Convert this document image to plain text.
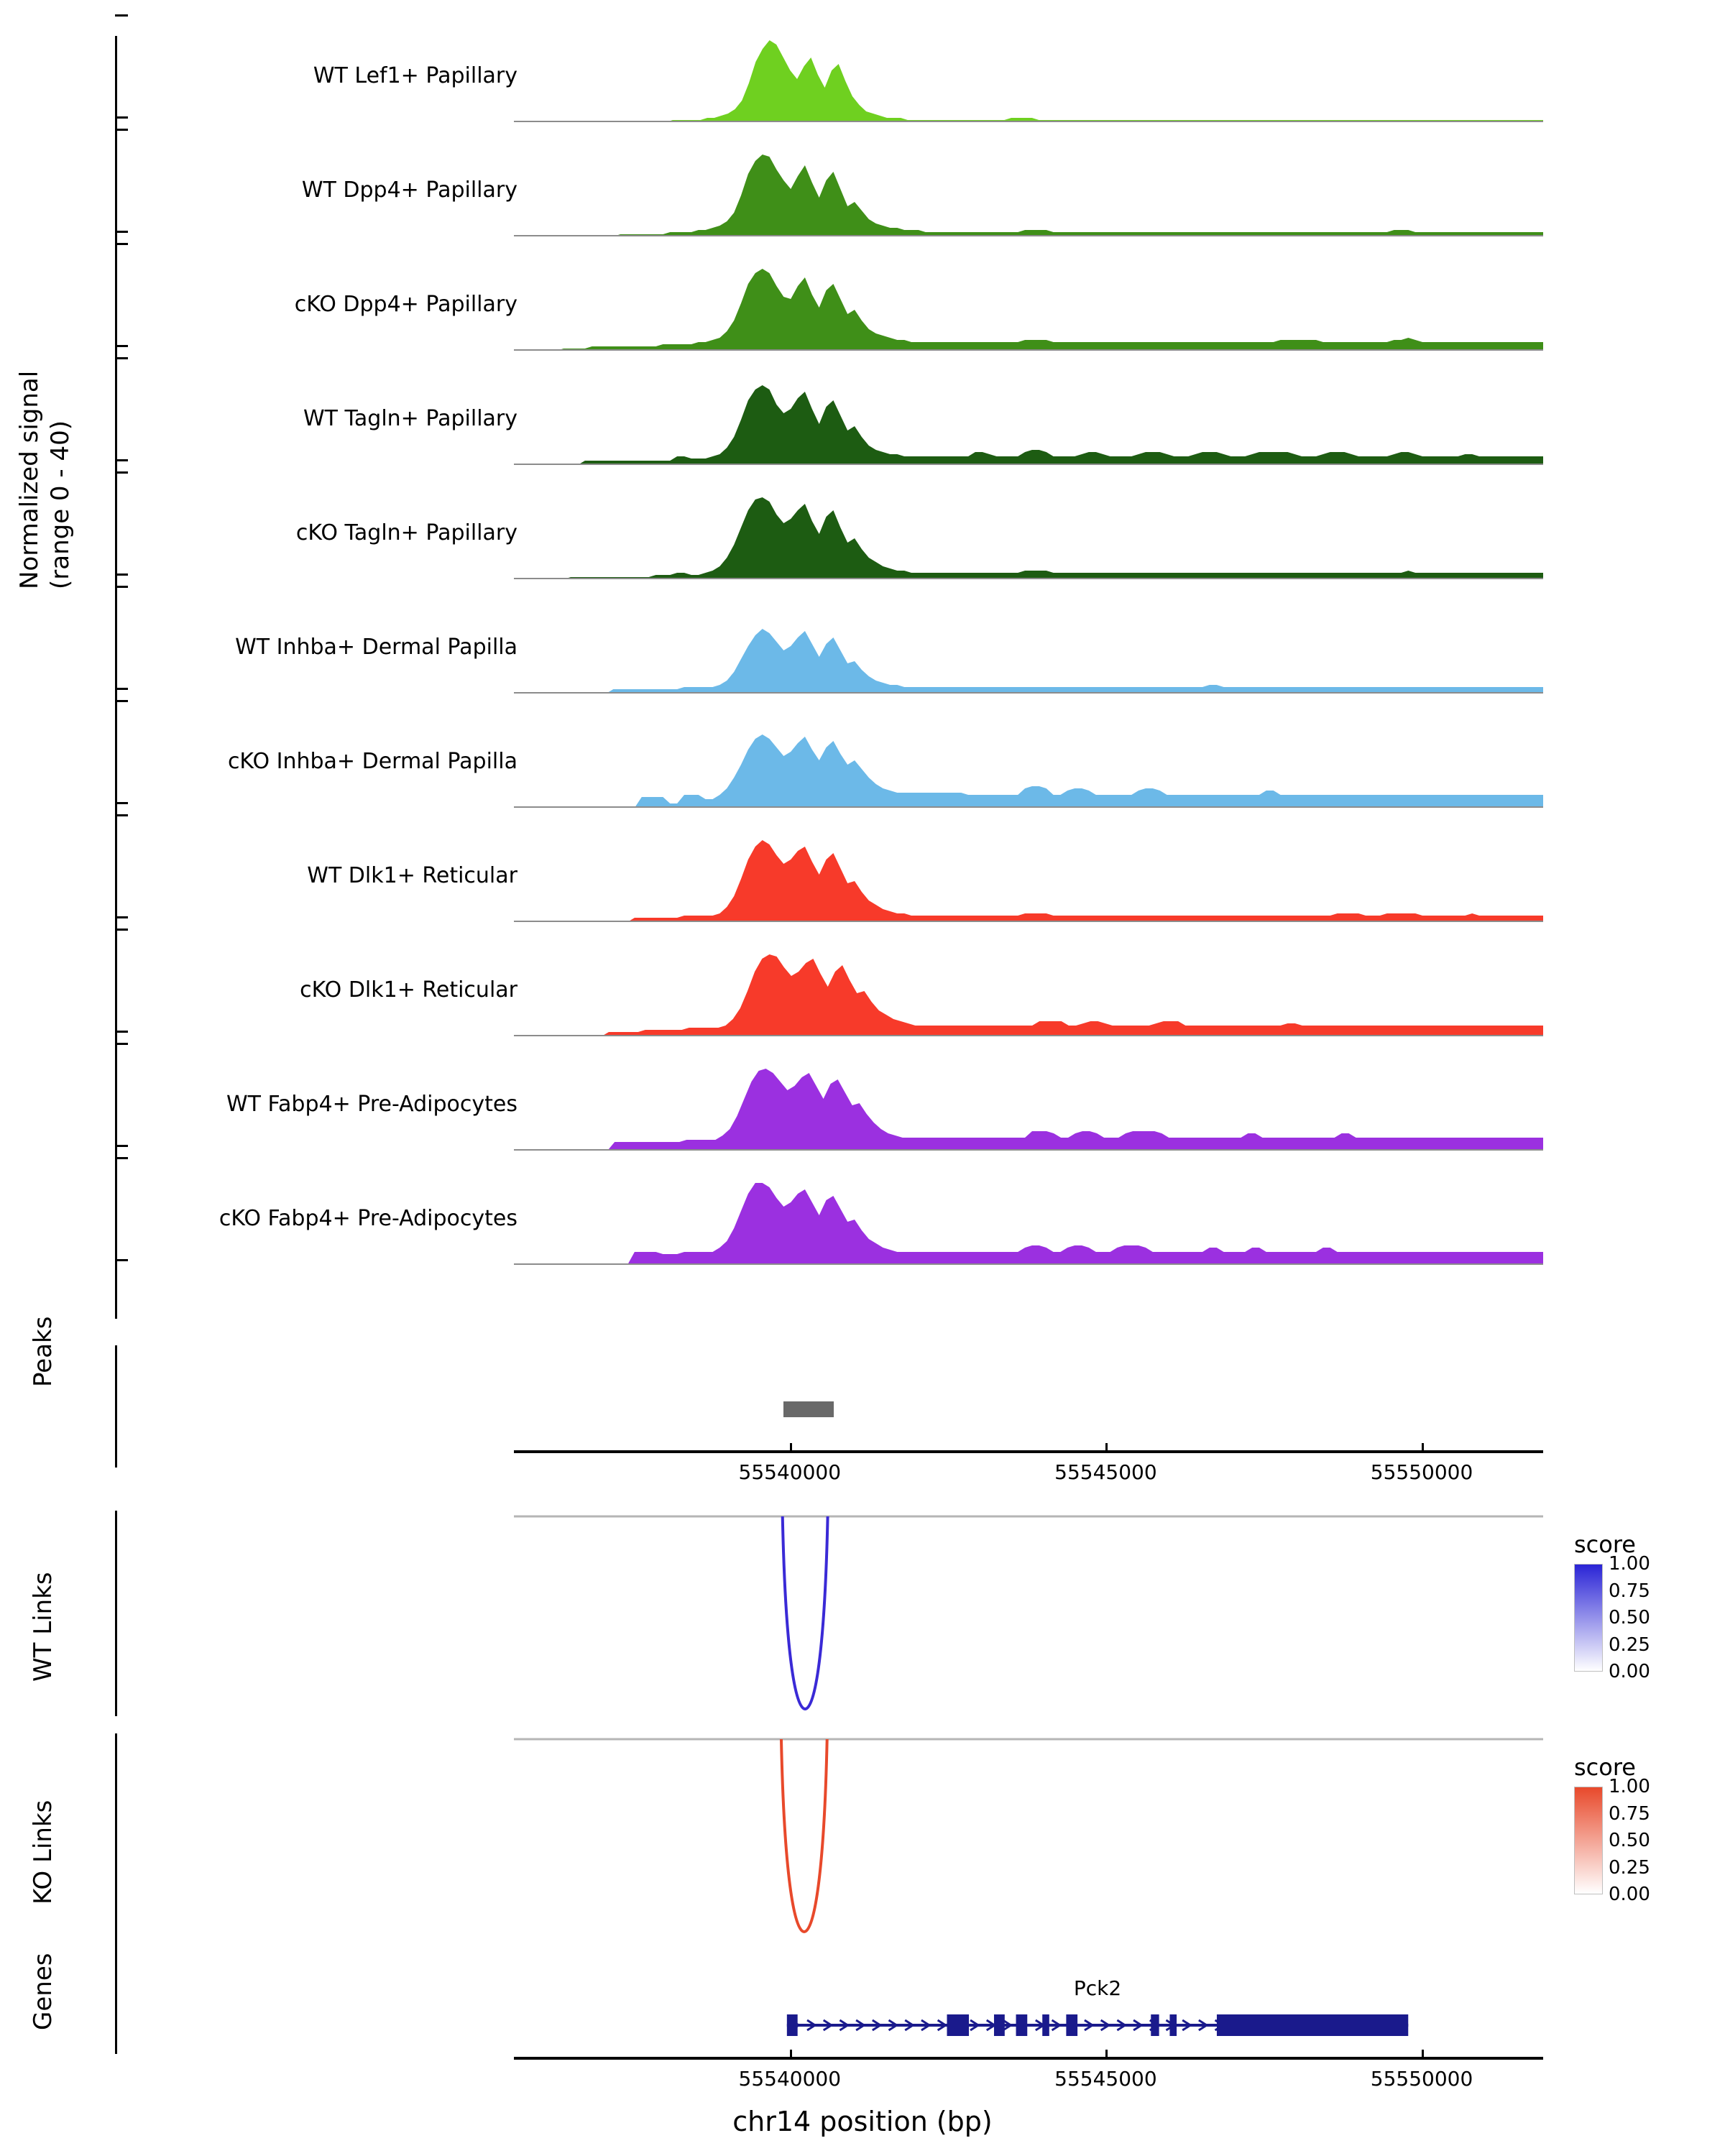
Normalized signal
(range 0 - 40)
WT Lef1+ Papillary
WT Dpp4+ Papillary
cKO Dpp4+ Papillary
WT Tagln+ Papillary
cKO Tagln+ Papillary
WT Inhba+ Dermal Papilla
cKO Inhba+ Dermal Papilla
WT Dlk1+ Reticular
cKO Dlk1+ Reticular
WT Fabp4+ Pre-Adipocytes
cKO Fabp4+ Pre-Adipocytes
Peaks
55540000	55545000	55550000
WT Links
KO Links
score
1.00
0.75
0.50
0.25
0.00
score
1.00
0.75
0.50
0.25
0.00
Genes	Pck2
55540000	55545000	55550000
chr14 position (bp)
